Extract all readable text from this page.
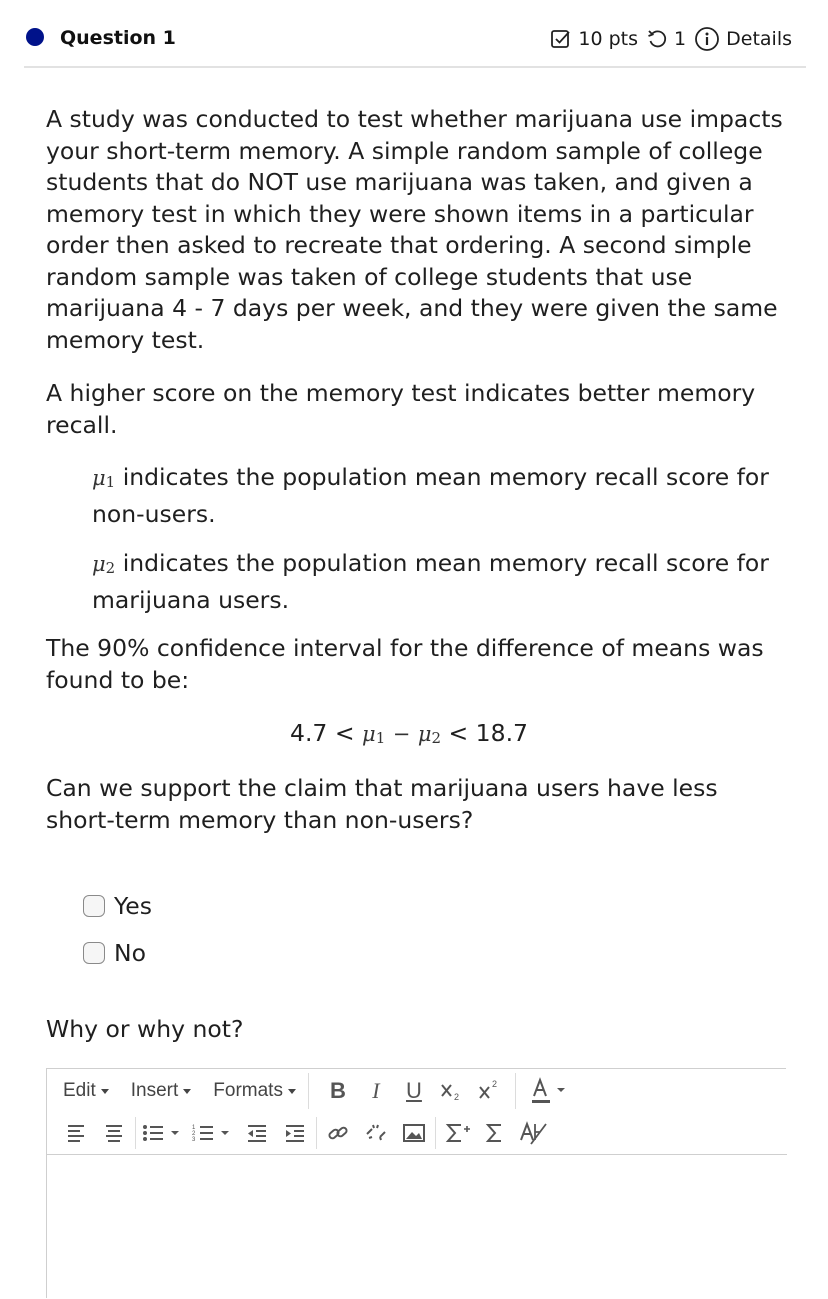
Question 1	10 pts 1 Details

A study was conducted to test whether marijuana use impacts your short-term memory. A simple random sample of college students that do NOT use marijuana was taken, and given a memory test in which they were shown items in a particular order then asked to recreate that ordering. A second simple random sample was taken of college students that use marijuana 4 - 7 days per week, and they were given the same memory test.

A higher score on the memory test indicates better memory recall.

$\mu_1$ indicates the population mean memory recall score for non-users.

$\mu_2$ indicates the population mean memory recall score for marijuana users.

The 90% confidence interval for the difference of means was found to be:

$4.7 < \mu_1 - \mu_2 < 18.7$

Can we support the claim that marijuana users have less short-term memory than non-users?

Yes
No
Why or why not?
Edit Insert Formats	B	I	U	2
2
1
2
3
